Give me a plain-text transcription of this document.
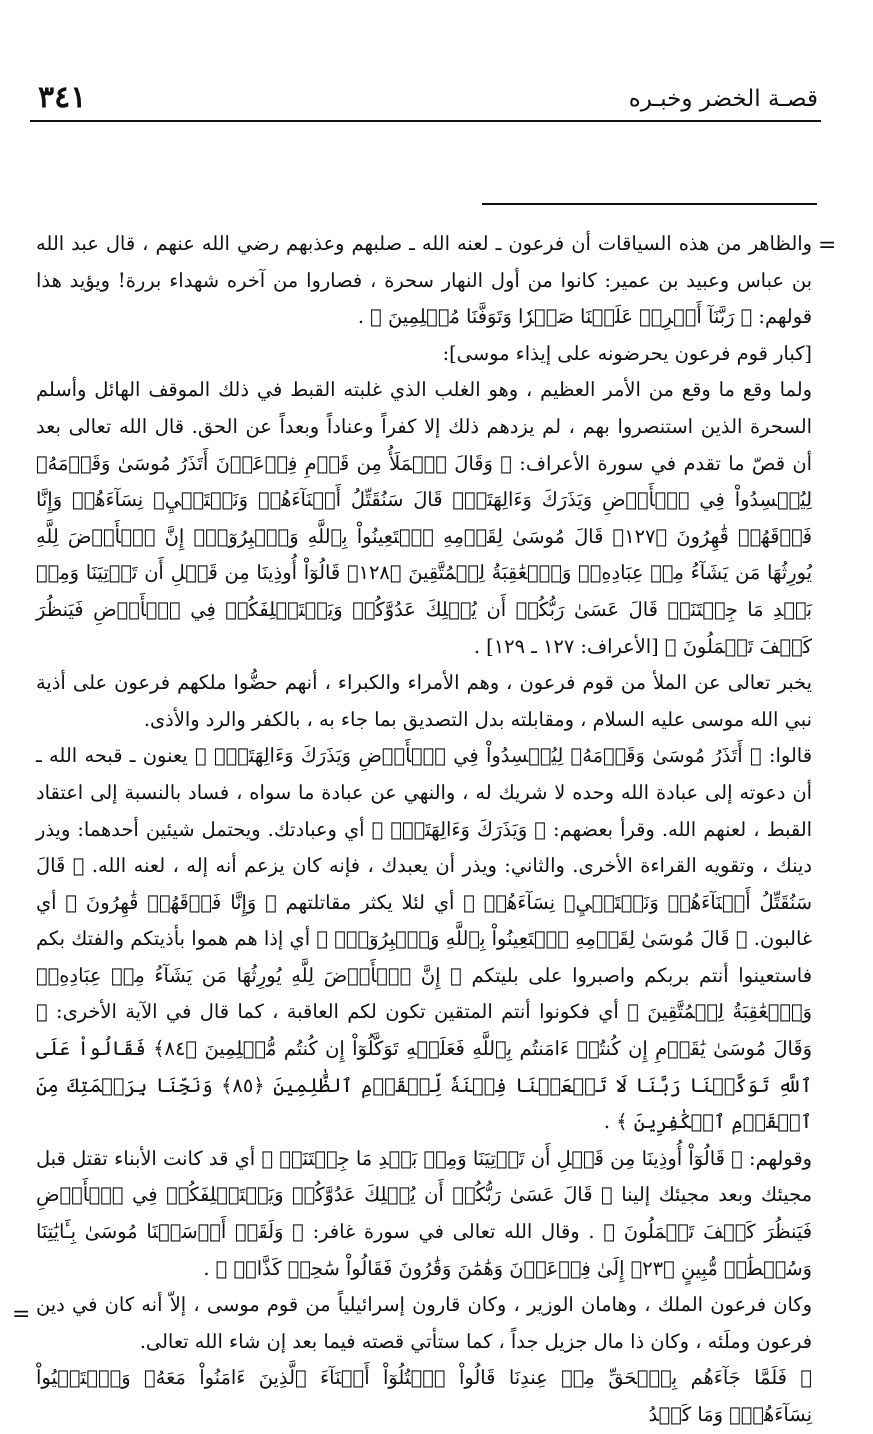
٣٤١	قصـة الخضر وخبـره
=
=

والظاهر من هذه السياقات أن فرعون ـ لعنه الله ـ صلبهم وعذبهم رضي الله عنهم ، قال عبد الله بن عباس وعبيد بن عمير: كانوا من أول النهار سحرة ، فصاروا من آخره شهداء بررة! ويؤيد هذا قولهم: ﴿ رَبَّنَآ أَفۡرِغۡ عَلَيۡنَا صَبۡرٗا وَتَوَفَّنَا مُسۡلِمِينَ ﴾ .

[كبار قوم فرعون يحرضونه على إيذاء موسى]:

ولما وقع ما وقع من الأمر العظيم ، وهو الغلب الذي غلبته القبط في ذلك الموقف الهائل وأسلم السحرة الذين استنصروا بهم ، لم يزدهم ذلك إلا كفراً وعناداً وبعداً عن الحق. قال الله تعالى بعد أن قصّ ما تقدم في سورة الأعراف: ﴿ وَقَالَ ٱلۡمَلَأُ مِن قَوۡمِ فِرۡعَوۡنَ أَتَذَرُ مُوسَىٰ وَقَوۡمَهُۥ لِيُفۡسِدُواْ فِي ٱلۡأَرۡضِ وَيَذَرَكَ وَءَالِهَتَكَۚ قَالَ سَنُقَتِّلُ أَبۡنَآءَهُمۡ وَنَسۡتَحۡيِۦ نِسَآءَهُمۡ وَإِنَّا فَوۡقَهُمۡ قَٰهِرُونَ ﴿١٢٧﴾ قَالَ مُوسَىٰ لِقَوۡمِهِ ٱسۡتَعِينُواْ بِٱللَّهِ وَٱصۡبِرُوٓاْۖ إِنَّ ٱلۡأَرۡضَ لِلَّهِ يُورِثُهَا مَن يَشَآءُ مِنۡ عِبَادِهِۦۖ وَٱلۡعَٰقِبَةُ لِلۡمُتَّقِينَ ﴿١٢٨﴾ قَالُوٓاْ أُوذِينَا مِن قَبۡلِ أَن تَأۡتِيَنَا وَمِنۢ بَعۡدِ مَا جِئۡتَنَاۚ قَالَ عَسَىٰ رَبُّكُمۡ أَن يُهۡلِكَ عَدُوَّكُمۡ وَيَسۡتَخۡلِفَكُمۡ فِي ٱلۡأَرۡضِ فَيَنظُرَ كَيۡفَ تَعۡمَلُونَ ﴾ [الأعراف: ١٢٧ ـ ١٢٩] .

يخبر تعالى عن الملأ من قوم فرعون ، وهم الأمراء والكبراء ، أنهم حضُّوا ملكهم فرعون على أذية نبي الله موسى عليه السلام ، ومقابلته بدل التصديق بما جاء به ، بالكفر والرد والأذى.

قالوا: ﴿ أَتَذَرُ مُوسَىٰ وَقَوۡمَهُۥ لِيُفۡسِدُواْ فِي ٱلۡأَرۡضِ وَيَذَرَكَ وَءَالِهَتَكَۚ ﴾ يعنون ـ قبحه الله ـ أن دعوته إلى عبادة الله وحده لا شريك له ، والنهي عن عبادة ما سواه ، فساد بالنسبة إلى اعتقاد القبط ، لعنهم الله. وقرأ بعضهم: ﴿ وَيَذَرَكَ وَءَالِهَتَكَۚ ﴾ أي وعبادتك. ويحتمل شيئين أحدهما: ويذر دينك ، وتقويه القراءة الأخرى. والثاني: ويذر أن يعبدك ، فإنه كان يزعم أنه إله ، لعنه الله. ﴿ قَالَ سَنُقَتِّلُ أَبۡنَآءَهُمۡ وَنَسۡتَحۡيِۦ نِسَآءَهُمۡ ﴾ أي لئلا يكثر مقاتلتهم ﴿ وَإِنَّا فَوۡقَهُمۡ قَٰهِرُونَ ﴾ أي غالبون. ﴿ قَالَ مُوسَىٰ لِقَوۡمِهِ ٱسۡتَعِينُواْ بِٱللَّهِ وَٱصۡبِرُوٓاْۖ ﴾ أي إذا هم هموا بأذيتكم والفتك بكم فاستعينوا أنتم بربكم واصبروا على بليتكم ﴿ إِنَّ ٱلۡأَرۡضَ لِلَّهِ يُورِثُهَا مَن يَشَآءُ مِنۡ عِبَادِهِۦۖ وَٱلۡعَٰقِبَةُ لِلۡمُتَّقِينَ ﴾ أي فكونوا أنتم المتقين تكون لكم العاقبة ، كما قال في الآية الأخرى: ﴿ وَقَالَ مُوسَىٰ يَٰقَوۡمِ إِن كُنتُمۡ ءَامَنتُم بِٱللَّهِ فَعَلَيۡهِ تَوَكَّلُوٓاْ إِن كُنتُم مُّسۡلِمِينَ ﴿٨٤﴾ فَقَالُواْ عَلَى ٱللَّهِ تَوَكَّلۡنَا رَبَّنَا لَا تَجۡعَلۡنَا فِتۡنَةٗ لِّلۡقَوۡمِ ٱلظَّٰلِمِينَ ﴿٨٥﴾ وَنَجِّنَا بِرَحۡمَتِكَ مِنَ ٱلۡقَوۡمِ ٱلۡكَٰفِرِينَ ﴾ .

وقولهم: ﴿ قَالُوٓاْ أُوذِينَا مِن قَبۡلِ أَن تَأۡتِيَنَا وَمِنۢ بَعۡدِ مَا جِئۡتَنَاۚ ﴾ أي قد كانت الأبناء تقتل قبل مجيئك وبعد مجيئك إلينا ﴿ قَالَ عَسَىٰ رَبُّكُمۡ أَن يُهۡلِكَ عَدُوَّكُمۡ وَيَسۡتَخۡلِفَكُمۡ فِي ٱلۡأَرۡضِ فَيَنظُرَ كَيۡفَ تَعۡمَلُونَ ﴾ . وقال الله تعالى في سورة غافر: ﴿ وَلَقَدۡ أَرۡسَلۡنَا مُوسَىٰ بِـَٔايَٰتِنَا وَسُلۡطَٰنٖ مُّبِينٍ ﴿٢٣﴾ إِلَىٰ فِرۡعَوۡنَ وَهَٰمَٰنَ وَقَٰرُونَ فَقَالُواْ سَٰحِرٞ كَذَّابٞ ﴾ .

وكان فرعون الملك ، وهامان الوزير ، وكان قارون إسرائيلياً من قوم موسى ، إلاّ أنه كان في دين فرعون وملَئه ، وكان ذا مال جزيل جداً ، كما ستأتي قصته فيما بعد إن شاء الله تعالى.

﴿ فَلَمَّا جَآءَهُم بِٱلۡحَقِّ مِنۡ عِندِنَا قَالُواْ ٱقۡتُلُوٓاْ أَبۡنَآءَ ٱلَّذِينَ ءَامَنُواْ مَعَهُۥ وَٱسۡتَحۡيُواْ نِسَآءَهُمۡۚ وَمَا كَيۡدُ
